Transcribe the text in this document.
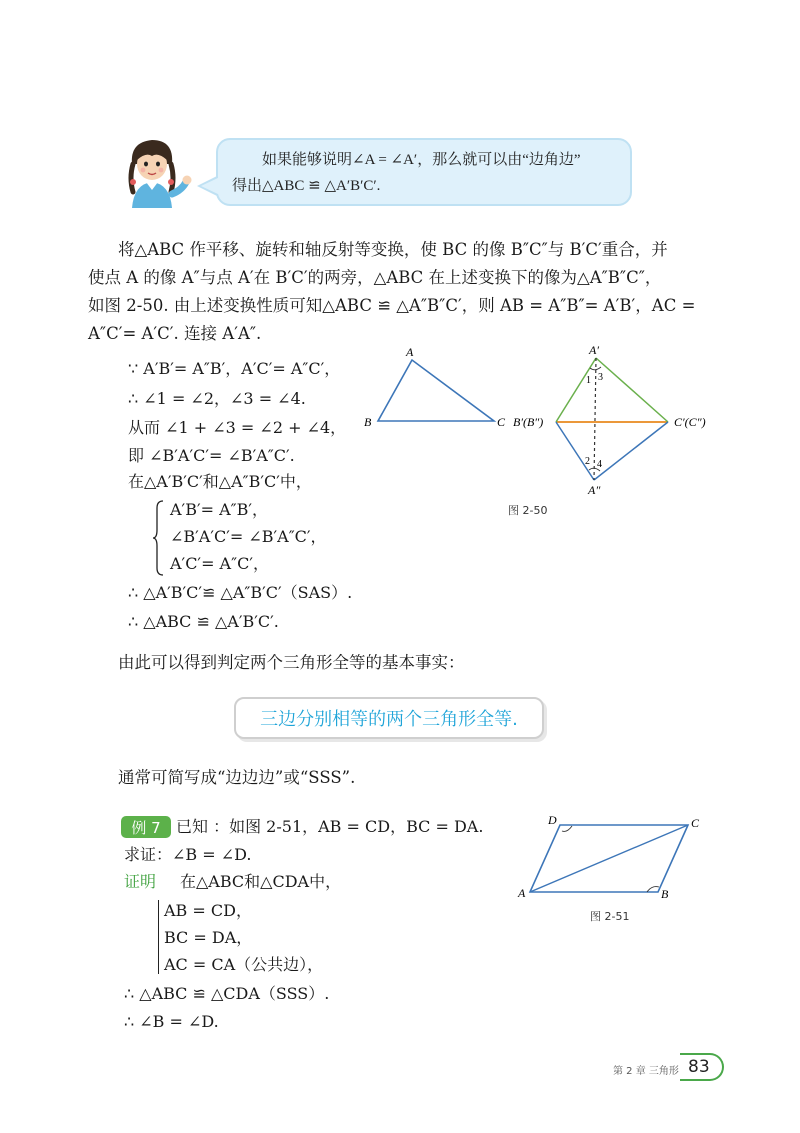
如果能够说明∠A = ∠A′，那么就可以由“边角边”
得出△ABC ≌ △A′B′C′.
将△ABC 作平移、旋转和轴反射等变换，使 BC 的像 B″C″与 B′C′重合，并
使点 A 的像 A″与点 A′在 B′C′的两旁，△ABC 在上述变换下的像为△A″B″C″，
如图 2-50. 由上述变换性质可知△ABC ≌ △A″B″C′，则 AB = A″B″= A′B′，AC =
A″C′= A′C′. 连接 A′A″.
∵ A′B′= A″B′，A′C′= A″C′，
∴ ∠1 = ∠2，∠3 = ∠4.
从而 ∠1 + ∠3 = ∠2 + ∠4，
即 ∠B′A′C′= ∠B′A″C′.
在△A′B′C′和△A″B′C′中，
A′B′= A″B′，
∠B′A′C′= ∠B′A″C′，
A′C′= A″C′，
∴ △A′B′C′≌ △A″B′C′（SAS）.
∴ △ABC ≌ △A′B′C′.
A
B	C
A′
A″
B′(B″)	C′(C″)
1 3
2 4
图 2-50
由此可以得到判定两个三角形全等的基本事实：
三边分别相等的两个三角形全等.
通常可简写成“边边边”或“SSS”.
例 7 已知 ：如图 2-51，AB = CD，BC = DA.
求证：∠B = ∠D.
证明 在△ABC和△CDA中，
AB = CD，
BC = DA，
AC = CA（公共边），
∴ △ABC ≌ △CDA（SSS）.
∴ ∠B = ∠D.
A	B
C
D
图 2-51
第 2 章 三角形 83
